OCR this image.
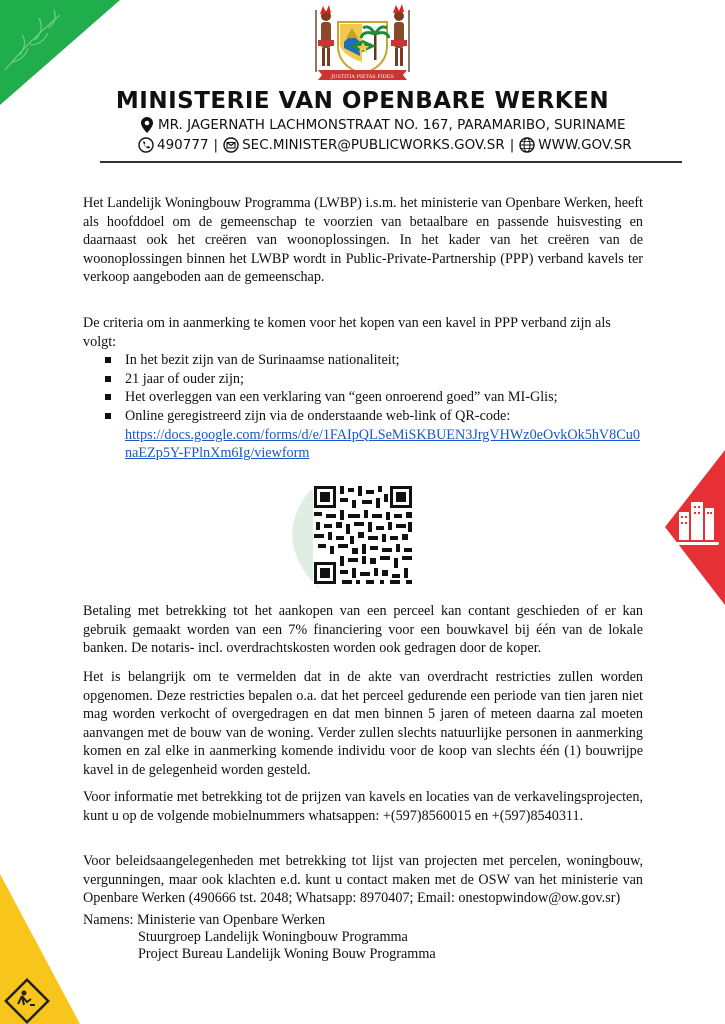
JUSTITIA PIETAS FIDES
MINISTERIE VAN OPENBARE WERKEN
MR. JAGERNATH LACHMONSTRAAT NO. 167, PARAMARIBO, SURINAME
490777 | SEC.MINISTER@PUBLICWORKS.GOV.SR | WWW.GOV.SR

Het Landelijk Woningbouw Programma (LWBP) i.s.m. het ministerie van Openbare Werken, heeft als hoofddoel om de gemeenschap te voorzien van betaalbare en passende huisvesting en daarnaast ook het creëren van woonoplossingen. In het kader van het creëren van de woonoplossingen binnen het LWBP wordt in Public-Private-Partnership (PPP) verband kavels ter verkoop aangeboden aan de gemeenschap.

De criteria om in aanmerking te komen voor het kopen van een kavel in PPP verband zijn als volgt:

In het bezit zijn van de Surinaamse nationaliteit;
21 jaar of ouder zijn;
Het overleggen van een verklaring van “geen onroerend goed” van MI-Glis;
Online geregistreerd zijn via de onderstaande web-link of QR-code:
https://docs.google.com/forms/d/e/1FAIpQLSeMiSKBUEN3JrgVHWz0eOvkOk5hV8Cu0naEZp5Y-FPlnXm6Ig/viewform

Betaling met betrekking tot het aankopen van een perceel kan contant geschieden of er kan gebruik gemaakt worden van een 7% financiering voor een bouwkavel bij één van de lokale banken. De notaris- incl. overdrachtskosten worden ook gedragen door de koper.

Het is belangrijk om te vermelden dat in de akte van overdracht restricties zullen worden opgenomen. Deze restricties bepalen o.a. dat het perceel gedurende een periode van tien jaren niet mag worden verkocht of overgedragen en dat men binnen 5 jaren of meteen daarna zal moeten aanvangen met de bouw van de woning. Verder zullen slechts natuurlijke personen in aanmerking komen en zal elke in aanmerking komende individu voor de koop van slechts één (1) bouwrijpe kavel in de gelegenheid worden gesteld.

Voor informatie met betrekking tot de prijzen van kavels en locaties van de verkavelingsprojecten, kunt u op de volgende mobielnummers whatsappen: +(597)8560015 en +(597)8540311.

Voor beleidsaangelegenheden met betrekking tot lijst van projecten met percelen, woningbouw, vergunningen, maar ook klachten e.d. kunt u contact maken met de OSW van het ministerie van Openbare Werken (490666 tst. 2048; Whatsapp: 8970407; Email: onestopwindow@ow.gov.sr)

Namens: Ministerie van Openbare Werken
Stuurgroep Landelijk Woningbouw Programma
Project Bureau Landelijk Woning Bouw Programma
